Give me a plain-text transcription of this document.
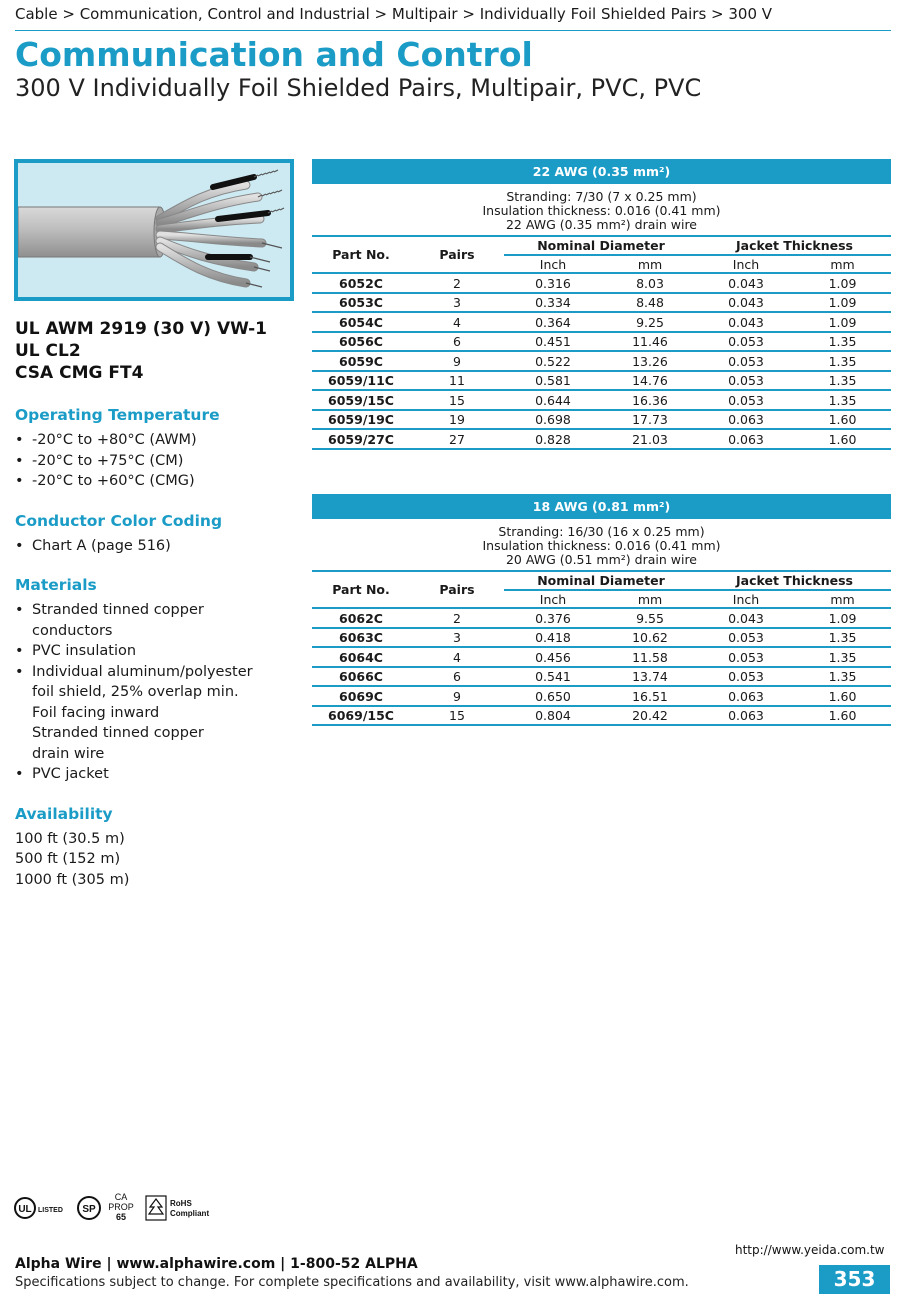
Cable > Communication, Control and Industrial > Multipair > Individually Foil Shielded Pairs > 300 V
Communication and Control
300 V Individually Foil Shielded Pairs, Multipair, PVC, PVC
UL AWM 2919 (30 V) VW-1
UL CL2
CSA CMG FT4
Operating Temperature
• -20°C to +80°C (AWM)
• -20°C to +75°C (CM)
• -20°C to +60°C (CMG)
Conductor Color Coding
• Chart A (page 516)
Materials
• Stranded tinned copper
conductors
• PVC insulation
• Individual aluminum/polyester
foil shield, 25% overlap min.
Foil facing inward
Stranded tinned copper
drain wire
• PVC jacket
Availability
100 ft (30.5 m)
500 ft (152 m)
1000 ft (305 m)
22 AWG (0.35 mm²)
Stranding: 7/30 (7 x 0.25 mm)
Insulation thickness: 0.016 (0.41 mm)
22 AWG (0.35 mm²) drain wire
Part No.	Pairs	Nominal Diameter		Jacket Thickness	
		Inch	mm	Inch	mm
6052C	2	0.316	8.03	0.043	1.09
6053C	3	0.334	8.48	0.043	1.09
6054C	4	0.364	9.25	0.043	1.09
6056C	6	0.451	11.46	0.053	1.35
6059C	9	0.522	13.26	0.053	1.35
6059/11C	11	0.581	14.76	0.053	1.35
6059/15C	15	0.644	16.36	0.053	1.35
6059/19C	19	0.698	17.73	0.063	1.60
6059/27C	27	0.828	21.03	0.063	1.60
18 AWG (0.81 mm²)
Stranding: 16/30 (16 x 0.25 mm)
Insulation thickness: 0.016 (0.41 mm)
20 AWG (0.51 mm²) drain wire
Part No.	Pairs	Nominal Diameter		Jacket Thickness	
		Inch	mm	Inch	mm
6062C	2	0.376	9.55	0.043	1.09
6063C	3	0.418	10.62	0.053	1.35
6064C	4	0.456	11.58	0.053	1.35
6066C	6	0.541	13.74	0.053	1.35
6069C	9	0.650	16.51	0.063	1.60
6069/15C	15	0.804	20.42	0.063	1.60
UL LISTED SP
CA
PROP
65
RoHS
Compliant
http://www.yeida.com.tw
Alpha Wire | www.alphawire.com | 1-800-52 ALPHA
Specifications subject to change. For complete specifications and availability, visit www.alphawire.com.	353
